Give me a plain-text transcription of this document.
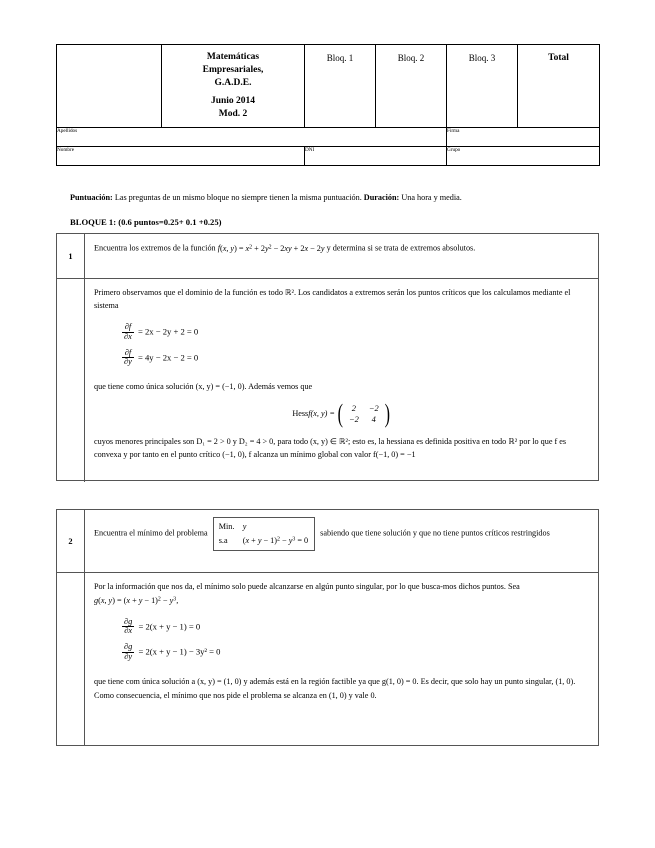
	Matemáticas
Empresariales,
G.A.D.E.
Junio 2014
Mod. 2	Bloq. 1	Bloq. 2	Bloq. 3	Total
Apellidos				Firma	
Nombre		DNI		Grupo	
Puntuación: Las preguntas de un mismo bloque no siempre tienen la misma puntuación. Duración: Una hora y media.
BLOQUE 1: (0.6 puntos=0.25+ 0.1 +0.25)
1
Encuentra los extremos de la función f(x, $y) = x^2 + 2y^2 - 2xy + 2x - 2y$ y determina si se trata de extremos absolutos.
Primero observamos que el dominio de la función es todo ℝ². Los candidatos a extremos serán los puntos críticos que los calculamos mediante el sistema
$\frac{\partial f}{\partial x} = 2x - 2y + 2 = 0$
$\frac{\partial f}{\partial y} = 4y - 2x - 2 = 0$
que tiene como única solución (x, y) = (−1, 0). Además vemos que
Hessf(x, y) = ( 2	−2
−2	4 )
cuyos menores principales son D₁ = 2 > 0 y D₂ = 4 > 0, para todo (x, y) ∈ ℝ²; esto es, la hessiana es definida positiva en todo ℝ² por lo que f es convexa y por tanto en el punto crítico (−1, 0), f alcanza un mínimo global con valor f(−1, 0) = −1
2
Encuentra el mínimo del problema Min. y
s.a $(x + y - 1)^2 - y^3 = 0$ sabiendo que tiene solución y que no tiene puntos críticos restringidos
Por la información que nos da, el mínimo solo puede alcanzarse en algún punto singular, por lo que busca-mos dichos puntos. Sea g(x, $y) = (x + y - 1)^2 - y^3$,
$\frac{\partial g}{\partial x} = 2(x + y - 1) = 0$
$\frac{\partial g}{\partial y} = 2(x + y - 1) - 3y^2 = 0$
que tiene com única solución a (x, y) = (1, 0) y además está en la región factible ya que g(1, 0) = 0. Es decir, que solo hay un punto singular, (1, 0).
Como consecuencia, el mínimo que nos pide el problema se alcanza en (1, 0) y vale 0.
